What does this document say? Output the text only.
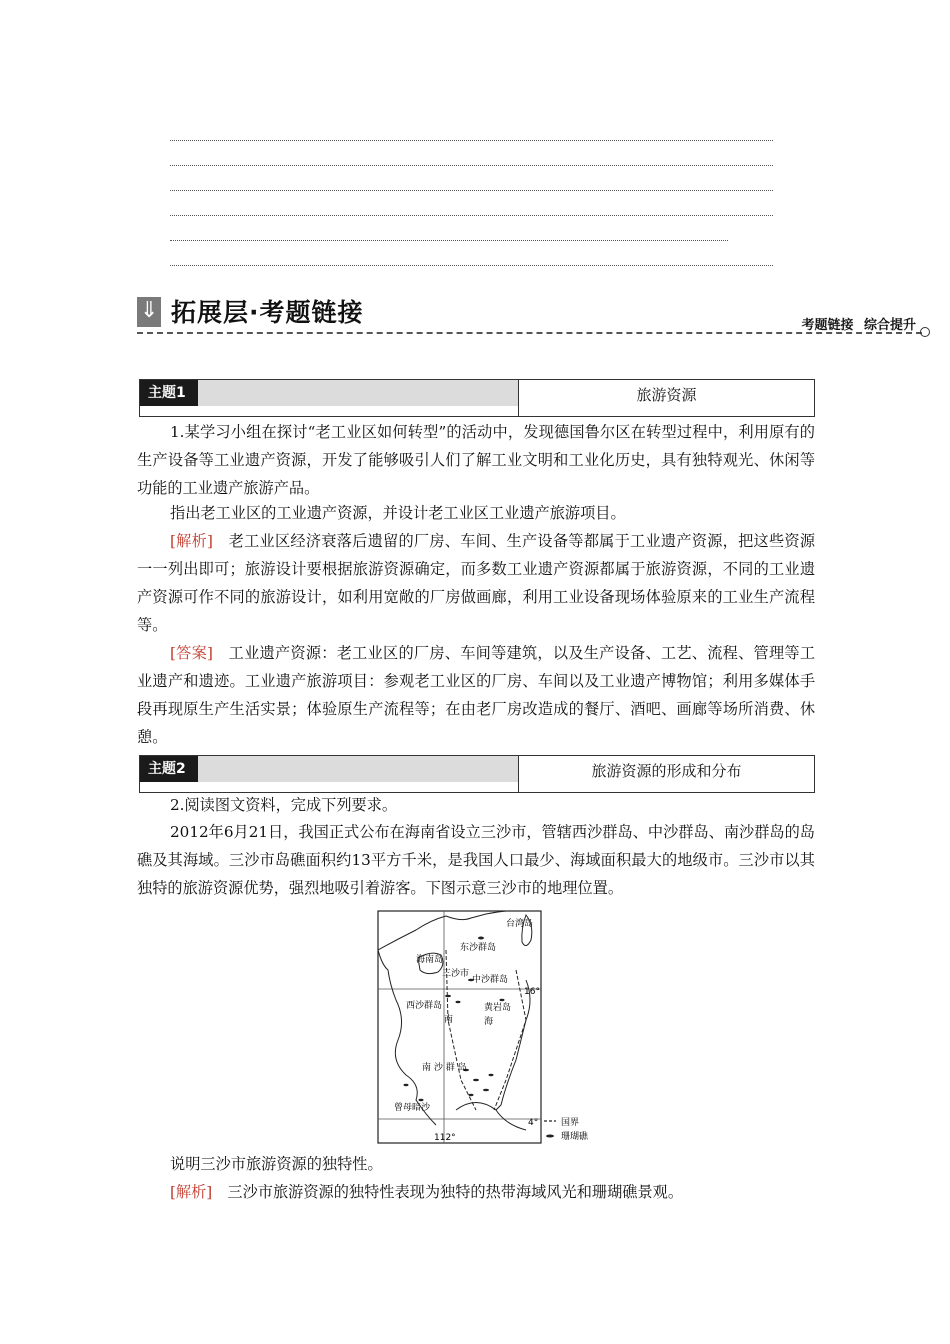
⇓ 拓展层·考题链接	考题链接 综合提升
主题1	旅游资源
1.某学习小组在探讨“老工业区如何转型”的活动中，发现德国鲁尔区在转型过程中，利用原有的生产设备等工业遗产资源，开发了能够吸引人们了解工业文明和工业化历史，具有独特观光、休闲等功能的工业遗产旅游产品。
指出老工业区的工业遗产资源，并设计老工业区工业遗产旅游项目。
[解析]　 老工业区经济衰落后遗留的厂房、车间、生产设备等都属于工业遗产资源，把这些资源一一列出即可；旅游设计要根据旅游资源确定，而多数工业遗产资源都属于旅游资源，不同的工业遗产资源可作不同的旅游设计，如利用宽敞的厂房做画廊，利用工业设备现场体验原来的工业生产流程等。
[答案]　 工业遗产资源：老工业区的厂房、车间等建筑，以及生产设备、工艺、流程、管理等工业遗产和遗迹。工业遗产旅游项目：参观老工业区的厂房、车间以及工业遗产博物馆；利用多媒体手段再现原生产生活实景；体验原生产流程等；在由老厂房改造成的餐厅、酒吧、画廊等场所消费、休憩。
主题2	旅游资源的形成和分布
2.阅读图文资料，完成下列要求。
2012年6月21日，我国正式公布在海南省设立三沙市，管辖西沙群岛、中沙群岛、南沙群岛的岛礁及其海域。三沙市岛礁面积约13平方千米，是我国人口最少、海域面积最大的地级市。三沙市以其独特的旅游资源优势，强烈地吸引着游客。下图示意三沙市的地理位置。
台湾岛
东沙群岛
海南岛
三沙市
中沙群岛
16°
西沙群岛	黄岩岛
南	海
南 沙 群 岛
曾母暗沙
4°
112°
国界
珊瑚礁
说明三沙市旅游资源的独特性。
[解析]　 三沙市旅游资源的独特性表现为独特的热带海域风光和珊瑚礁景观。
